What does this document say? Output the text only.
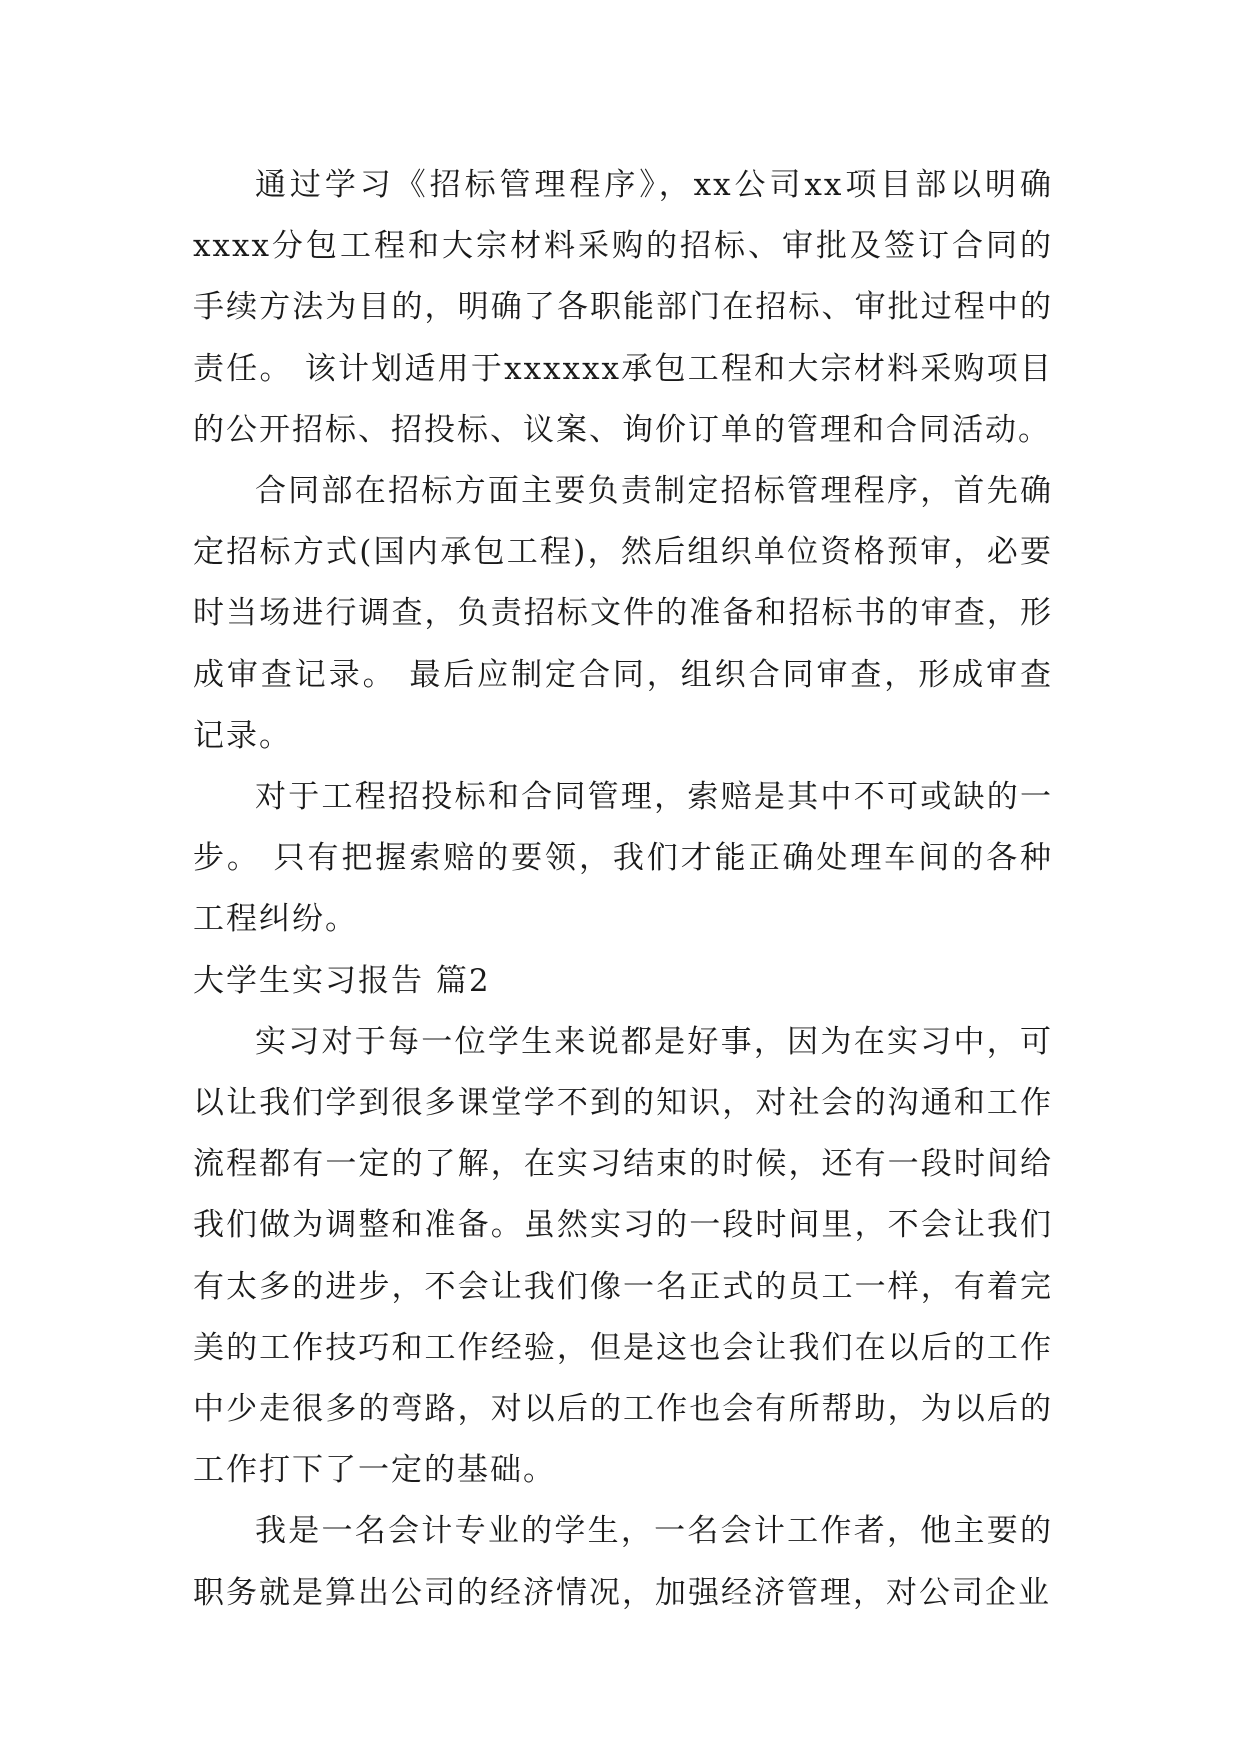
通过学习《招标管理程序》，xx公司xx项目部以明确xxxx分包工程和大宗材料采购的招标、审批及签订合同的手续方法为目的，明确了各职能部门在招标、审批过程中的责任。 该计划适用于xxxxxx承包工程和大宗材料采购项目的公开招标、招投标、议案、询价订单的管理和合同活动。

合同部在招标方面主要负责制定招标管理程序，首先确定招标方式(国内承包工程)，然后组织单位资格预审，必要时当场进行调查，负责招标文件的准备和招标书的审查，形成审查记录。 最后应制定合同，组织合同审查，形成审查记录。

对于工程招投标和合同管理，索赔是其中不可或缺的一步。 只有把握索赔的要领，我们才能正确处理车间的各种工程纠纷。

大学生实习报告 篇2

实习对于每一位学生来说都是好事，因为在实习中，可以让我们学到很多课堂学不到的知识，对社会的沟通和工作流程都有一定的了解，在实习结束的时候，还有一段时间给我们做为调整和准备。虽然实习的一段时间里，不会让我们有太多的进步，不会让我们像一名正式的员工一样，有着完美的工作技巧和工作经验，但是这也会让我们在以后的工作中少走很多的弯路，对以后的工作也会有所帮助，为以后的工作打下了一定的基础。

我是一名会计专业的学生，一名会计工作者，他主要的职务就是算出公司的经济情况，加强经济管理，对公司企业
